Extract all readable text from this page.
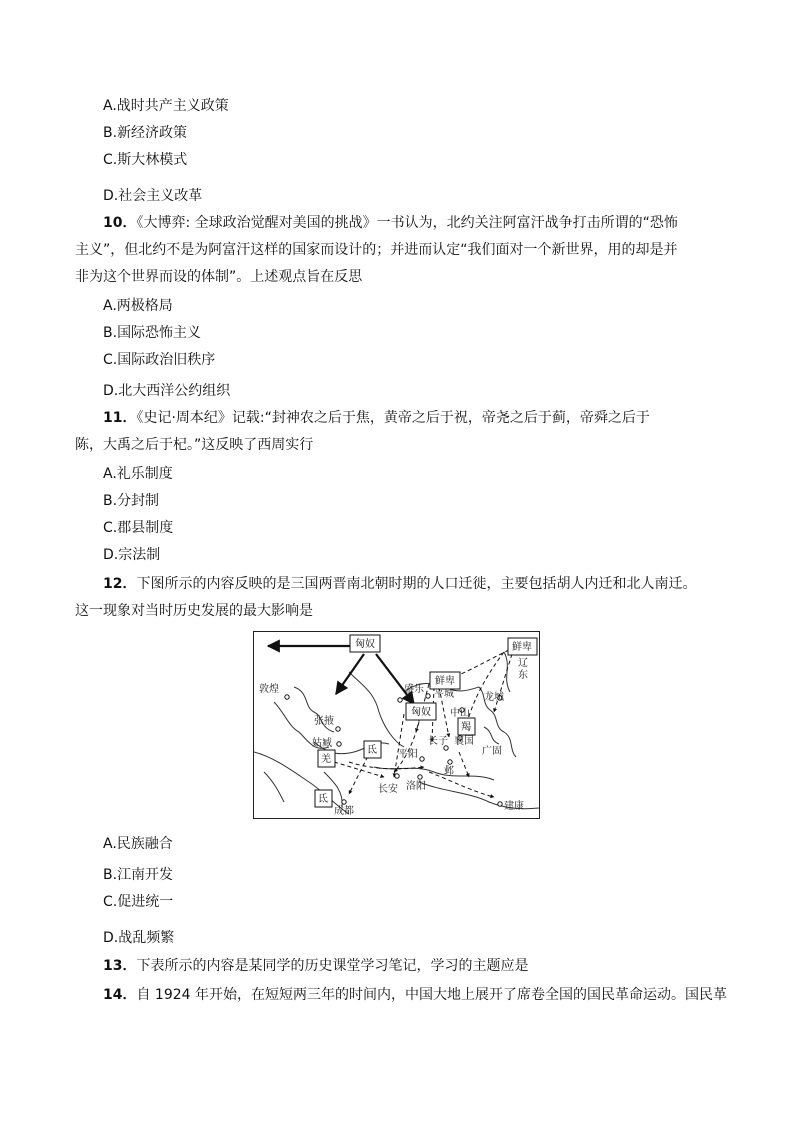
A.战时共产主义政策
B.新经济政策
C.斯大林模式
D.社会主义改革
10．《大博弈: 全球政治觉醒对美国的挑战》一书认为，北约关注阿富汗战争打击所谓的“恐怖
主义”，但北约不是为阿富汗这样的国家而设计的；并进而认定“我们面对一个新世界，用的却是并
非为这个世界而设的体制”。上述观点旨在反思
A.两极格局
B.国际恐怖主义
C.国际政治旧秩序
D.北大西洋公约组织
11．《史记·周本纪》记载:“封神农之后于焦，黄帝之后于祝，帝尧之后于蓟，帝舜之后于
陈，大禹之后于杞。”这反映了西周实行
A.礼乐制度
B.分封制
C.郡县制度
D.宗法制
12．下图所示的内容反映的是三国两晋南北朝时期的人口迁徙，主要包括胡人内迁和北人南迁。
这一现象对当时历史发展的最大影响是
匈奴	鲜卑
鲜卑
匈奴
羯
氐
羌
氐
敦煌
张掖
姑臧
盛乐 平城
中山
龙城
辽
东
长子
邺
襄国
广固
平阳
洛阳
长安
成都	建康
A.民族融合
B.江南开发
C.促进统一
D.战乱频繁
13．下表所示的内容是某同学的历史课堂学习笔记，学习的主题应是
14．自 1924 年开始，在短短两三年的时间内，中国大地上展开了席卷全国的国民革命运动。国民革
